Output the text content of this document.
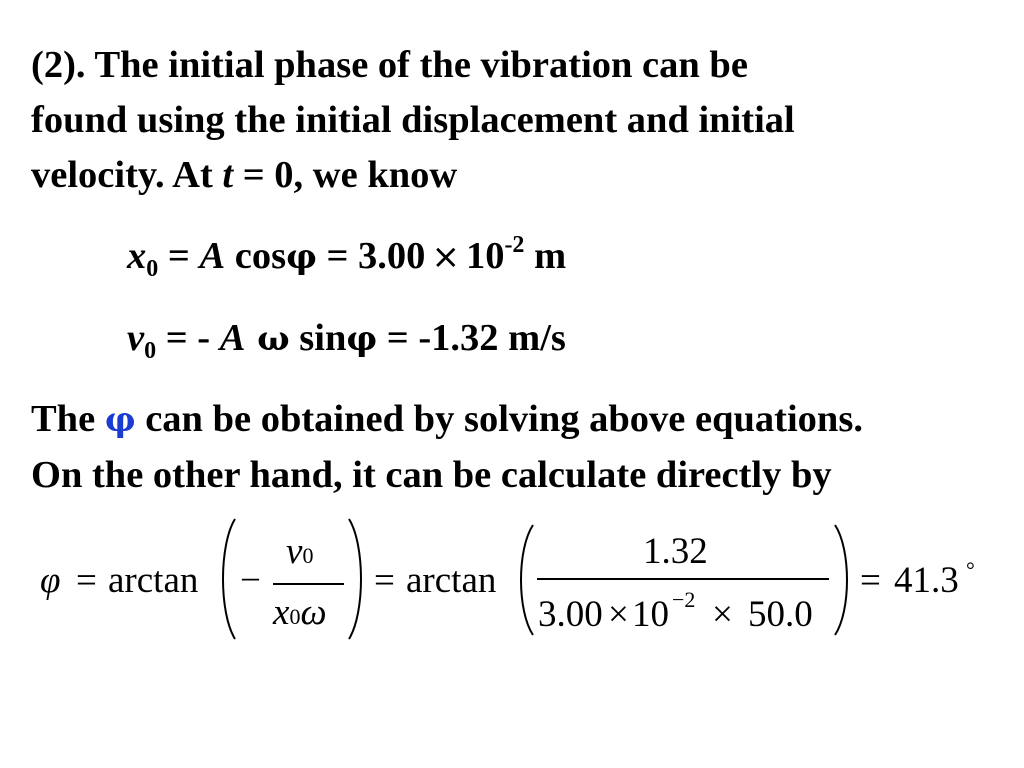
(2). The initial phase of the vibration can be
found using the initial displacement and initial
velocity. At t = 0, we know
$x_0 = A$ $\cos\varphi = 3.00 \times 10^{-2}$ m
$v_0$ = - A ω sinφ = -1.32 m/s
The φ can be obtained by solving above equations.
On the other hand, it can be calculate directly by
φ = arctan −
v0
x0ω
= arctan
1.32
3.00 × 10 −2 × 50.0
= 41.3 °
